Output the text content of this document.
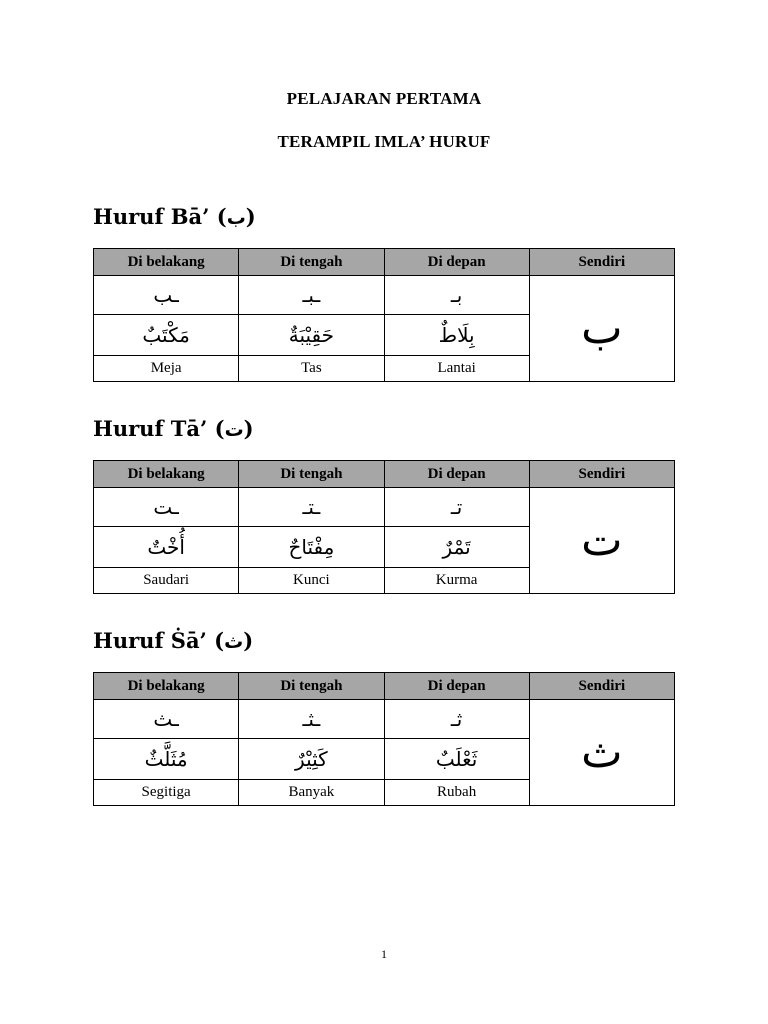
PELAJARAN PERTAMA
TERAMPIL IMLA’ HURUF
Huruf Bā’ (ب)
Di belakang	Di tengah	Di depan	Sendiri
ـب	ـبـ	بـ	ب
مَكْتَبٌ	حَقِيْبَةٌ	بِلَاطٌ	
Meja	Tas	Lantai	
Huruf Tā’ (ت)
Di belakang	Di tengah	Di depan	Sendiri
ـت	ـتـ	تـ	ت
أُخْتٌ	مِفْتَاحٌ	تَمْرٌ	
Saudari	Kunci	Kurma	
Huruf Ṡā’ (ث)
Di belakang	Di tengah	Di depan	Sendiri
ـث	ـثـ	ثـ	ث
مُثَلَّثٌ	كَثِيْرٌ	ثَعْلَبٌ	
Segitiga	Banyak	Rubah	
1
